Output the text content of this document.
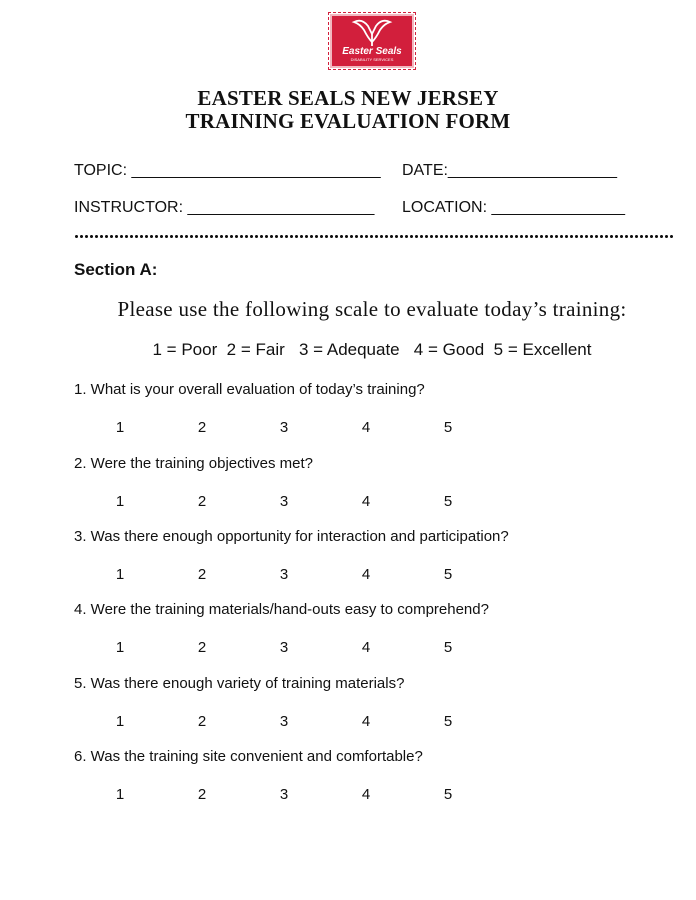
Easter Seals
DISABILITY SERVICES
EASTER SEALS NEW JERSEY
TRAINING EVALUATION FORM
TOPIC: ____________________________ DATE:___________________
INSTRUCTOR: _____________________ LOCATION: _______________
Section A:
Please use the following scale to evaluate today’s training:
1 = Poor  2 = Fair   3 = Adequate   4 = Good  5 = Excellent
1. What is your overall evaluation of today’s training?
1	2	3	4	5
2. Were the training objectives met?
1	2	3	4	5
3. Was there enough opportunity for interaction and participation?
1	2	3	4	5
4. Were the training materials/hand-outs easy to comprehend?
1	2	3	4	5
5. Was there enough variety of training materials?
1	2	3	4	5
6. Was the training site convenient and comfortable?
1	2	3	4	5
